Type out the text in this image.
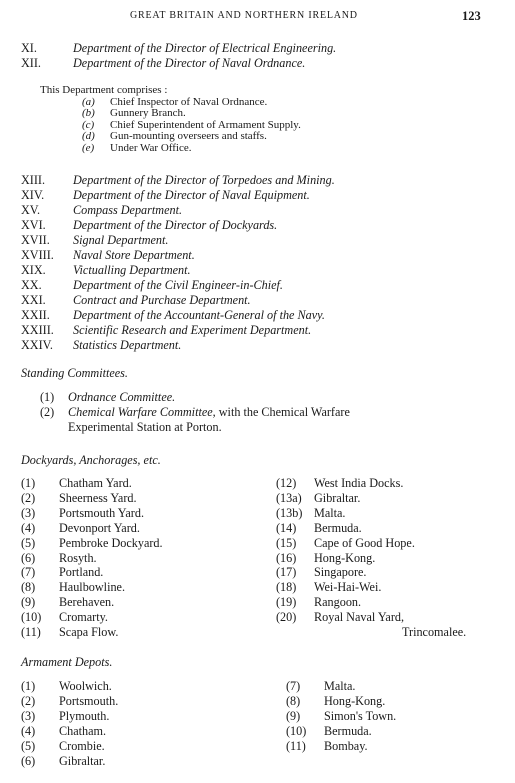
GREAT BRITAIN AND NORTHERN IRELAND	123
XI.	Department of the Director of Electrical Engineering.
XII.	Department of the Director of Naval Ordnance.
This Department comprises :
(a) Chief Inspector of Naval Ordnance.
(b) Gunnery Branch.
(c) Chief Superintendent of Armament Supply.
(d) Gun-mounting overseers and staffs.
(e) Under War Office.
XIII. Department of the Director of Torpedoes and Mining.
XIV. Department of the Director of Naval Equipment.
XV.	Compass Department.
XVI. Department of the Director of Dockyards.
XVII. Signal Department.
XVIII. Naval Store Department.
XIX. Victualling Department.
XX.	Department of the Civil Engineer-in-Chief.
XXI. Contract and Purchase Department.
XXII. Department of the Accountant-General of the Navy.
XXIII. Scientific Research and Experiment Department.
XXIV. Statistics Department.
Standing Committees.
(1) Ordnance Committee.
(2) Chemical Warfare Committee, with the Chemical Warfare
Experimental Station at Porton.
Dockyards, Anchorages, etc.
(1) Chatham Yard.
(2) Sheerness Yard.
(3) Portsmouth Yard.
(4) Devonport Yard.
(5) Pembroke Dockyard.
(6) Rosyth.
(7) Portland.
(8) Haulbowline.
(9) Berehaven.
(10) Cromarty.
(11) Scapa Flow.
(12) West India Docks.
(13a) Gibraltar.
(13b) Malta.
(14) Bermuda.
(15) Cape of Good Hope.
(16) Hong-Kong.
(17) Singapore.
(18) Wei-Hai-Wei.
(19) Rangoon.
(20) Royal Naval Yard,
Trincomalee.
Armament Depots.
(1) Woolwich.
(2) Portsmouth.
(3) Plymouth.
(4) Chatham.
(5) Crombie.
(6) Gibraltar.
(7) Malta.
(8) Hong-Kong.
(9) Simon's Town.
(10) Bermuda.
(11) Bombay.
